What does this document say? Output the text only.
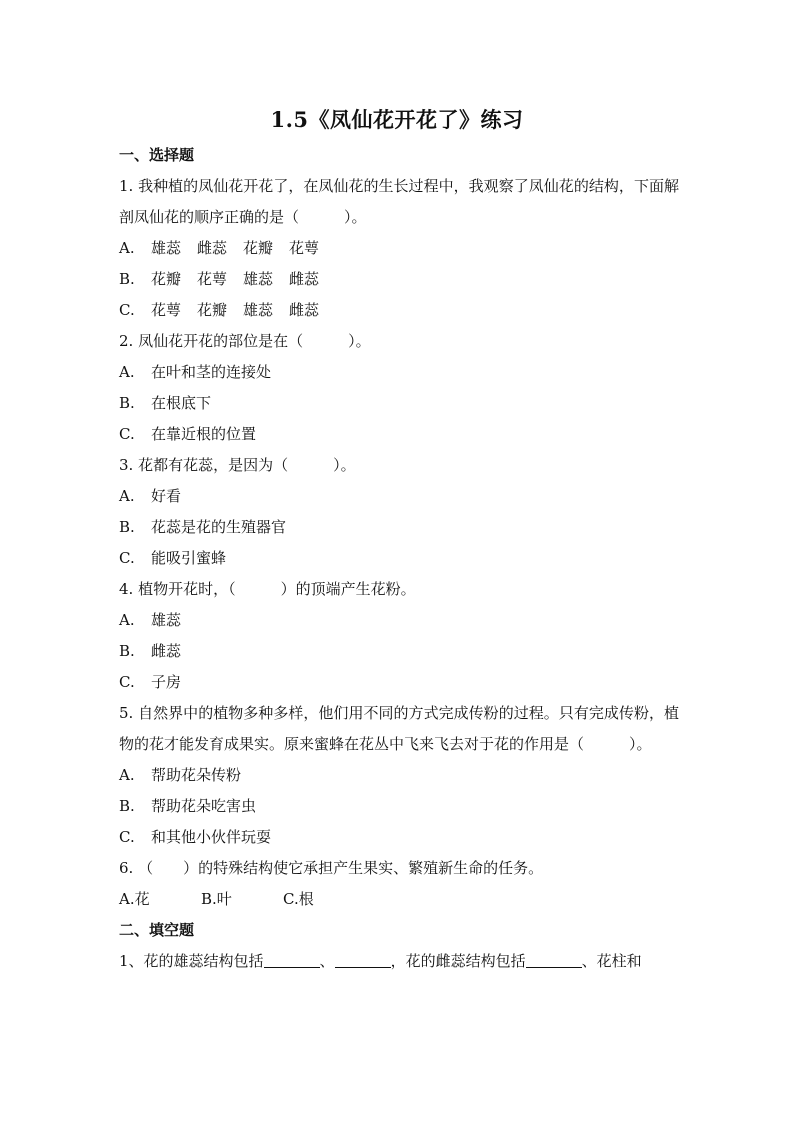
1.5《凤仙花开花了》练习
一、选择题
1. 我种植的凤仙花开花了，在凤仙花的生长过程中，我观察了凤仙花的结构，下面解剖凤仙花的顺序正确的是（　　　）。
A. 雄蕊 雌蕊 花瓣 花萼
B. 花瓣 花萼 雄蕊 雌蕊
C. 花萼 花瓣 雄蕊 雌蕊
2. 凤仙花开花的部位是在（　　　）。
A. 在叶和茎的连接处
B. 在根底下
C. 在靠近根的位置
3. 花都有花蕊，是因为（　　　）。
A. 好看
B. 花蕊是花的生殖器官
C. 能吸引蜜蜂
4. 植物开花时，（　　　）的顶端产生花粉。
A. 雄蕊
B. 雌蕊
C. 子房
5. 自然界中的植物多种多样，他们用不同的方式完成传粉的过程。只有完成传粉，植物的花才能发育成果实。原来蜜蜂在花丛中飞来飞去对于花的作用是（　　　）。
A. 帮助花朵传粉
B. 帮助花朵吃害虫
C. 和其他小伙伴玩耍
6. （　　）的特殊结构使它承担产生果实、繁殖新生命的任务。
A.花	B.叶	C.根
二、填空题
1、花的雄蕊结构包括	、	，花的雌蕊结构包括	、花柱和
